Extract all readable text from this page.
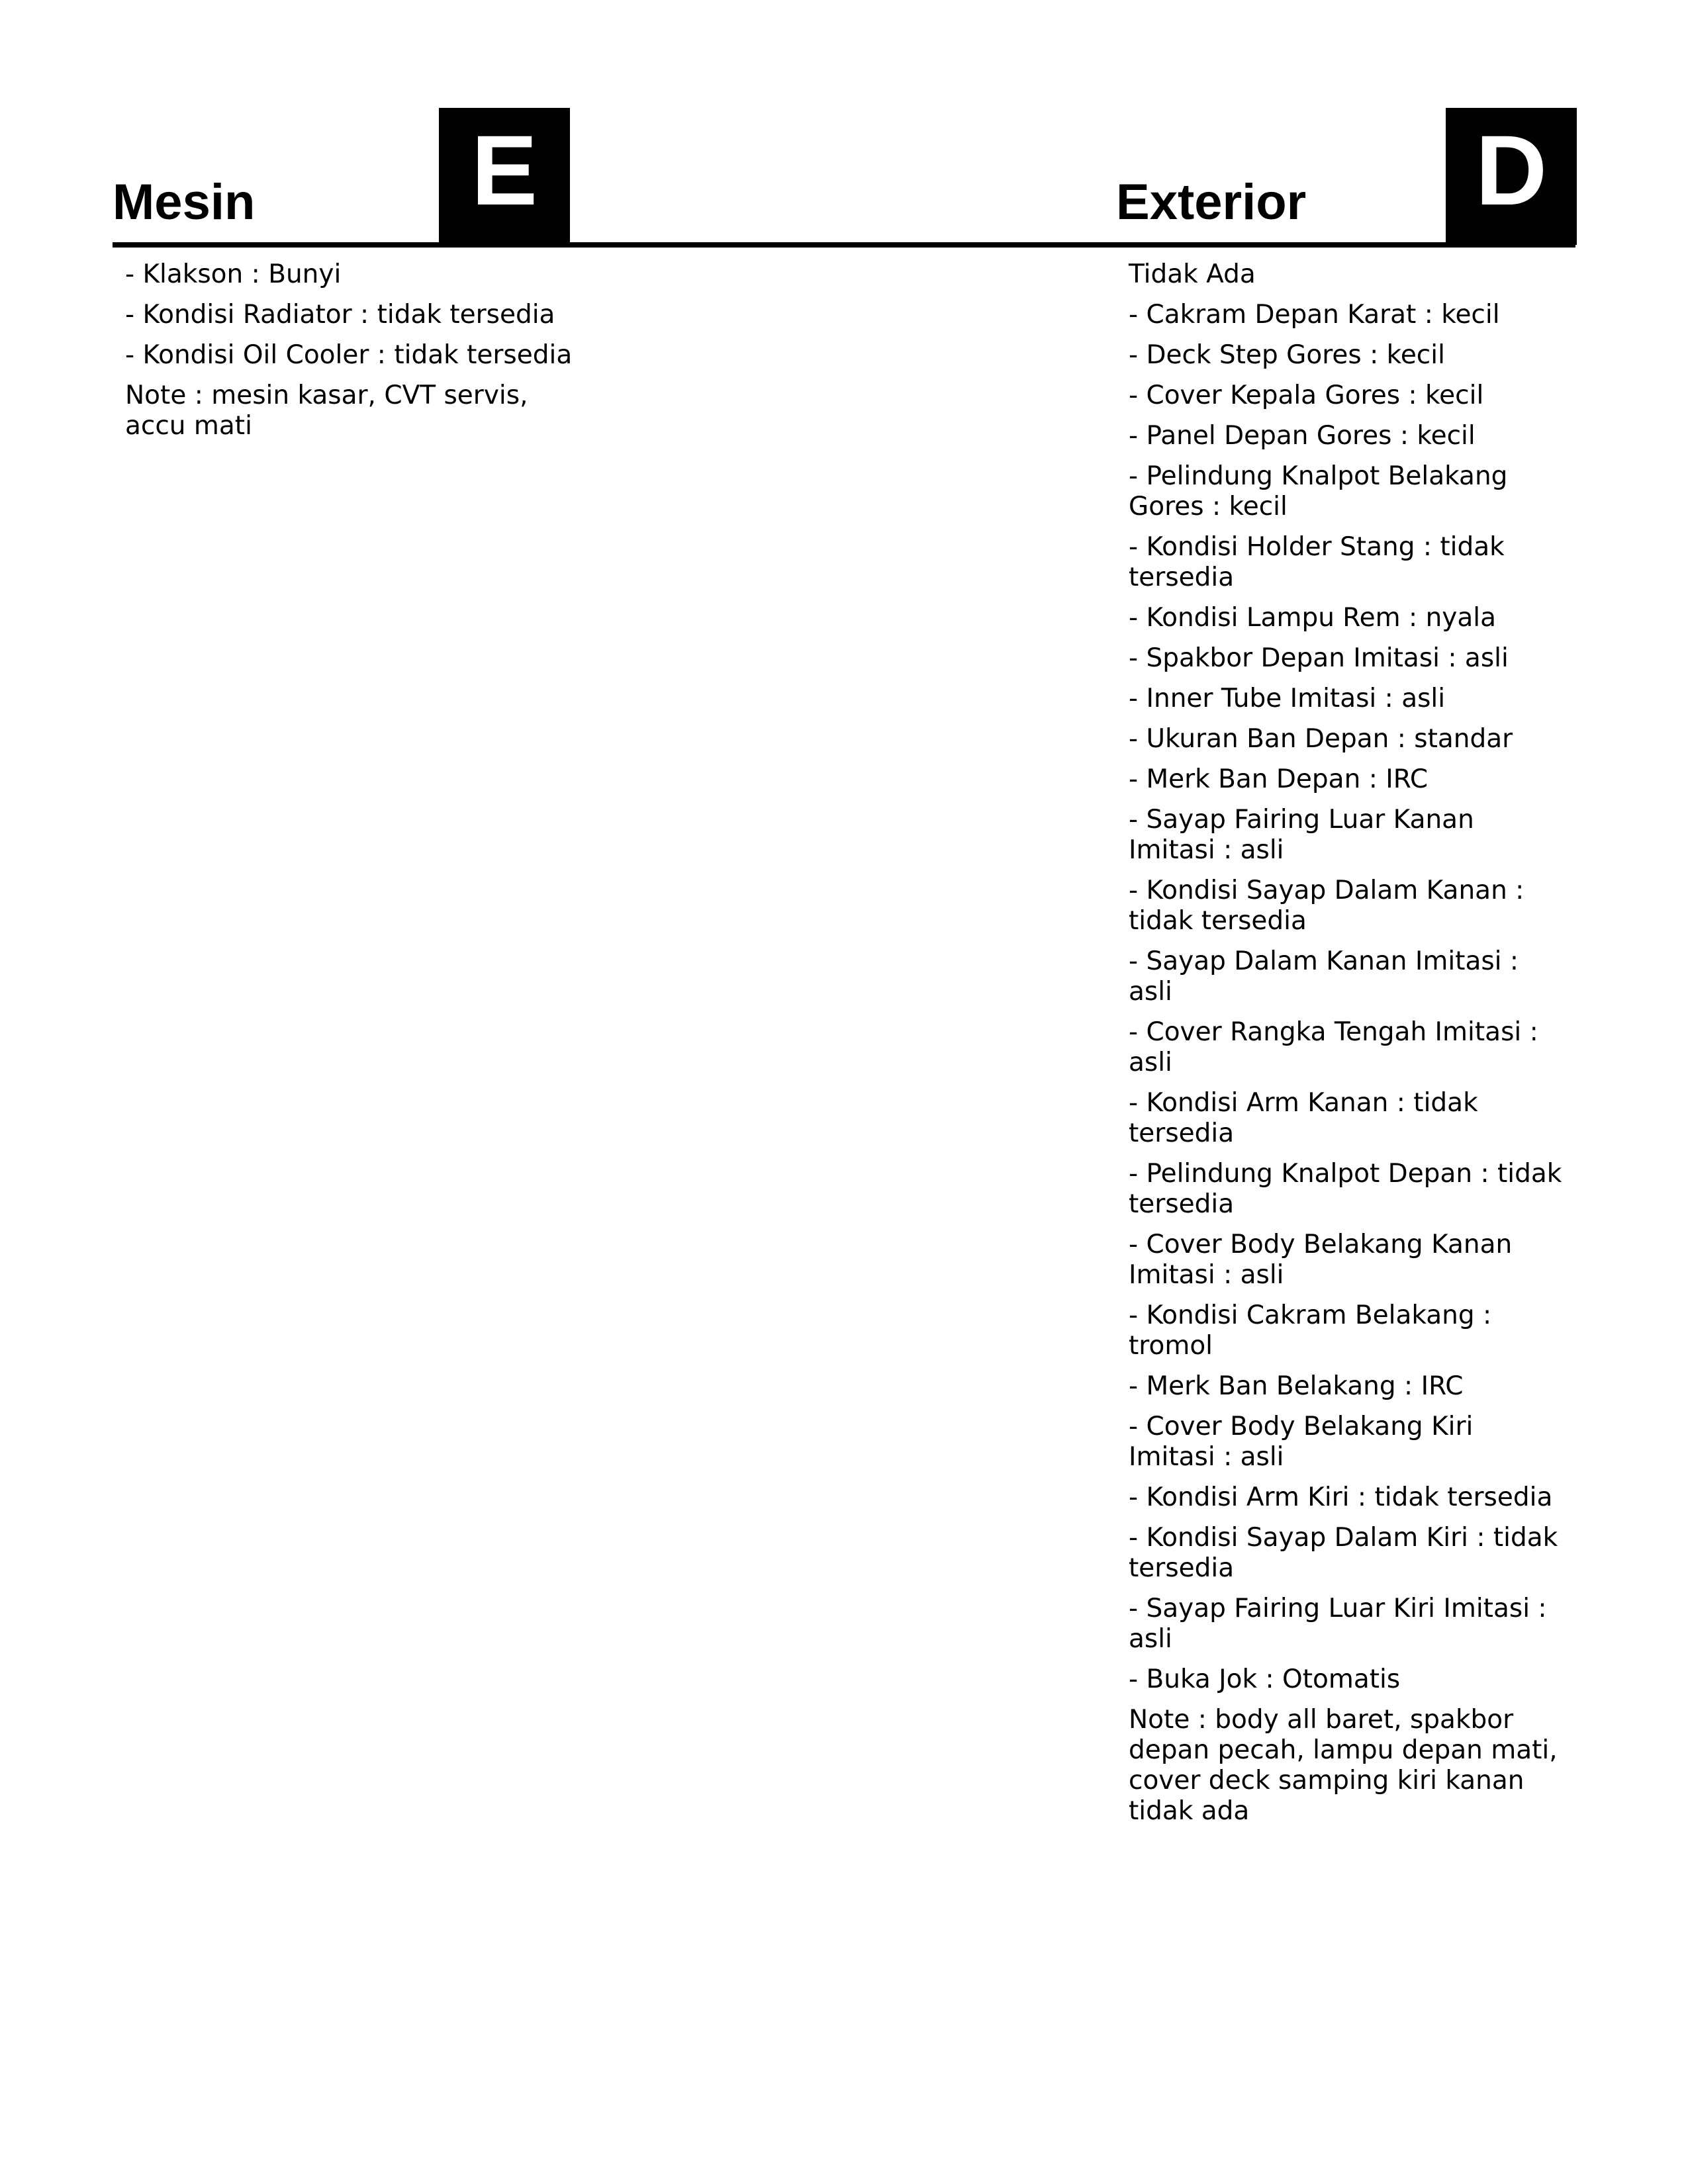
Mesin	E	Exterior D
- Klakson : Bunyi
- Kondisi Radiator : tidak tersedia
- Kondisi Oil Cooler : tidak tersedia
Note : mesin kasar, CVT servis, accu mati
Tidak Ada
- Cakram Depan Karat : kecil
- Deck Step Gores : kecil
- Cover Kepala Gores : kecil
- Panel Depan Gores : kecil
- Pelindung Knalpot Belakang Gores : kecil
- Kondisi Holder Stang : tidak tersedia
- Kondisi Lampu Rem : nyala
- Spakbor Depan Imitasi : asli
- Inner Tube Imitasi : asli
- Ukuran Ban Depan : standar
- Merk Ban Depan : IRC
- Sayap Fairing Luar Kanan Imitasi : asli
- Kondisi Sayap Dalam Kanan : tidak tersedia
- Sayap Dalam Kanan Imitasi : asli
- Cover Rangka Tengah Imitasi : asli
- Kondisi Arm Kanan : tidak tersedia
- Pelindung Knalpot Depan : tidak tersedia
- Cover Body Belakang Kanan Imitasi : asli
- Kondisi Cakram Belakang : tromol
- Merk Ban Belakang : IRC
- Cover Body Belakang Kiri Imitasi : asli
- Kondisi Arm Kiri : tidak tersedia
- Kondisi Sayap Dalam Kiri : tidak tersedia
- Sayap Fairing Luar Kiri Imitasi : asli
- Buka Jok : Otomatis
Note : body all baret, spakbor depan pecah, lampu depan mati, cover deck samping kiri kanan tidak ada
